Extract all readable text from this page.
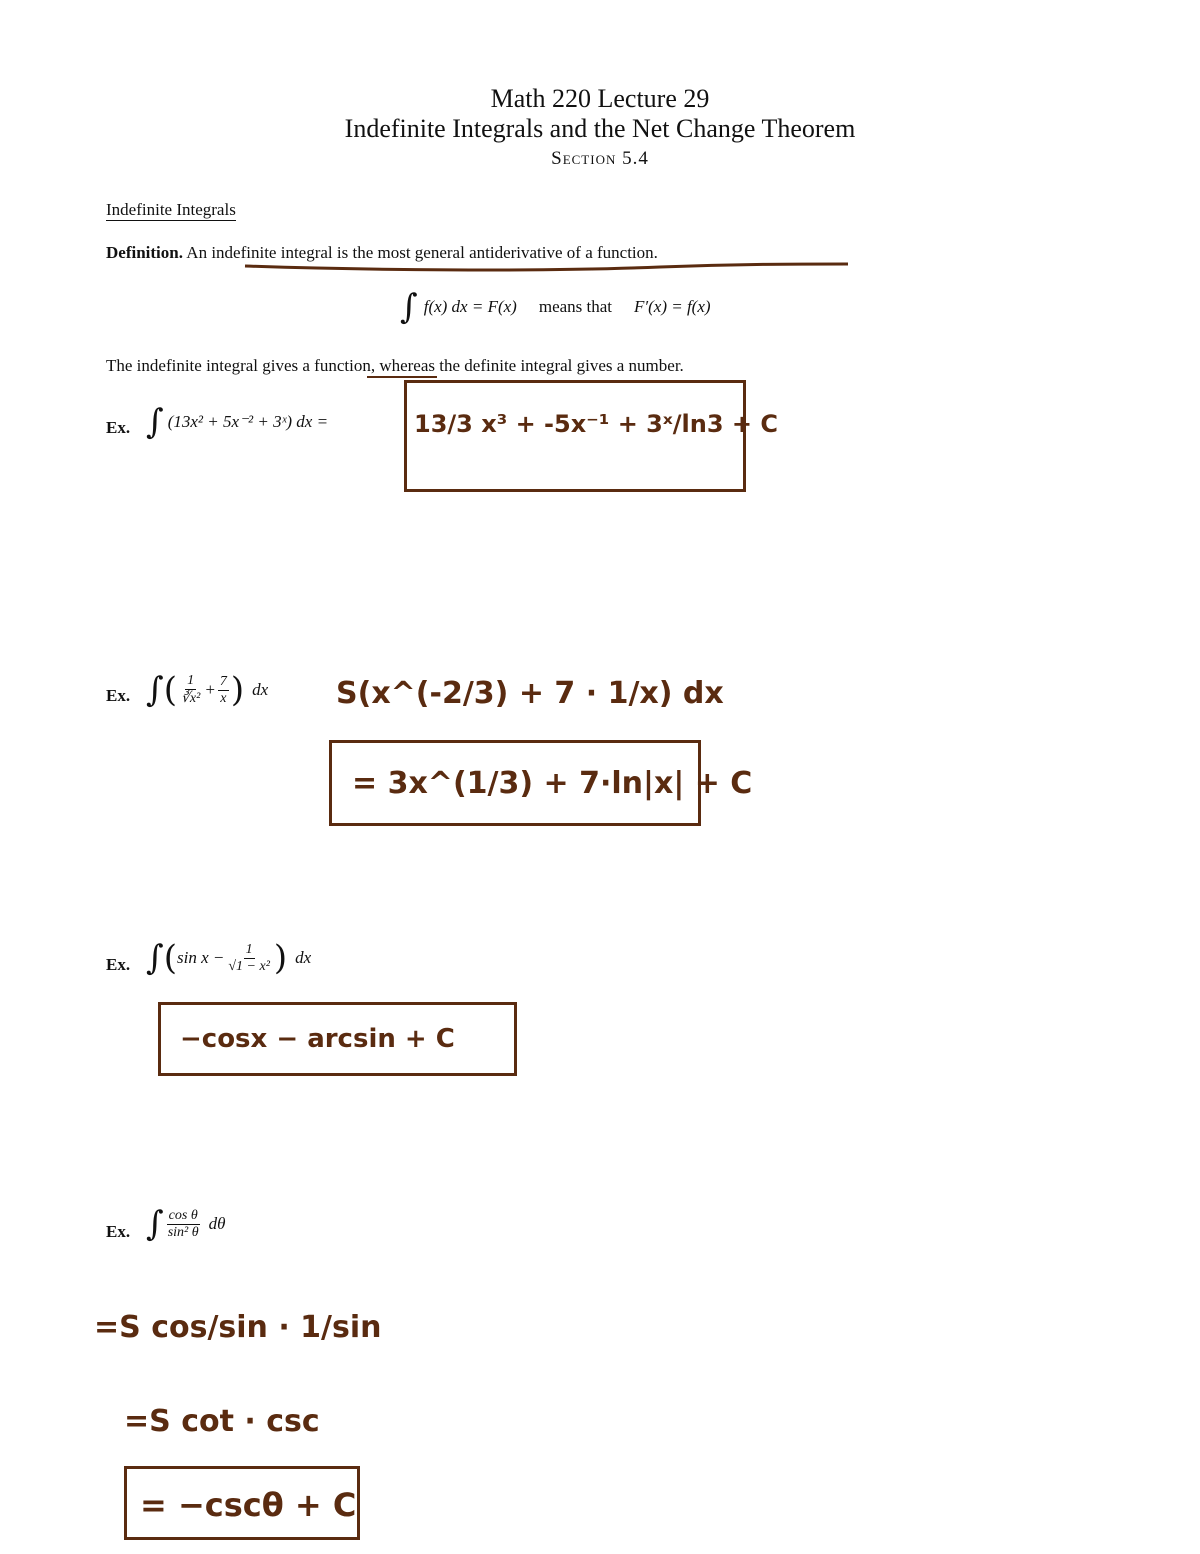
Math 220 Lecture 29
Indefinite Integrals and the Net Change Theorem
Section 5.4
Indefinite Integrals
Definition. An indefinite integral is the most general antiderivative of a function.
∫ f(x) dx = F(x) means that F′(x) = f(x)
The indefinite integral gives a function, whereas the definite integral gives a number.
Ex. ∫ (13x² + 5x⁻² + 3ˣ) dx =	13/3 x³ + -5x⁻¹ + 3ˣ/ln3 + C
Ex. ∫ ( $\frac{1}{\text{∛x²}} + \frac{7}{x}$ ) dx S(x^(-2/3) + 7 · 1/x) dx
= 3x^(1/3) + 7·ln|x| + C
Ex. ∫ ( $\sin x - \frac{1}{\text{√1 − x²}}$ ) dx
−cosx − arcsin + C
Ex. ∫ $\frac{\text{cos θ}}{\text{sin² θ}}$ dθ
=S cos/sin · 1/sin
=S cot · csc
= −cscθ + C
